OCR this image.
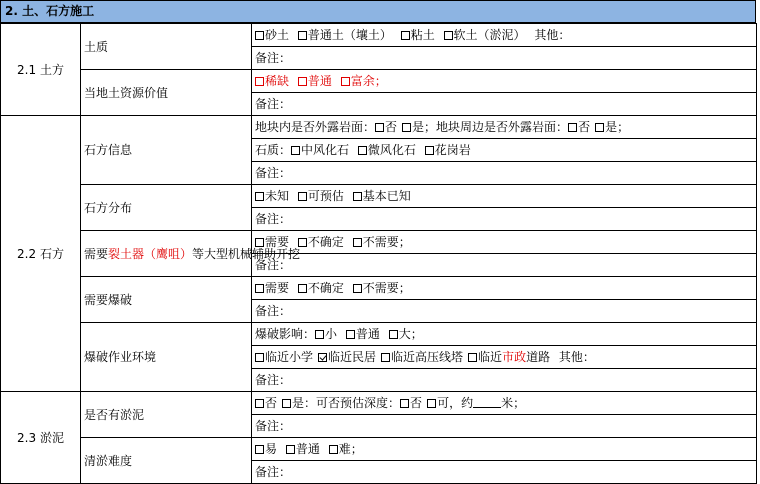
2. 土、石方施工
2.1 土方	土质	砂土 普通土（壤土） 粘土 软土（淤泥） 其他：
		备注：
	当地土资源价值	稀缺 普通 富余；
		备注：
2.2 石方	石方信息	地块内是否外露岩面： 否 是；地块周边是否外露岩面： 否 是；
		石质： 中风化石 微风化石 花岗岩
		备注：
	石方分布	未知 可预估 基本已知
		备注：
	需要裂土器（鹰咀）等大型机械辅助开挖	需要 不确定 不需要；
		备注：
	需要爆破	需要 不确定 不需要；
		备注：
	爆破作业环境	爆破影响： 小 普通 大；
		临近小学 临近民居 临近高压线塔 临近市政道路 其他：
		备注：
2.3 淤泥	是否有淤泥	否 是：可否预估深度： 否 可，约 米；
		备注：
	清淤难度	易 普通 难；
		备注：
